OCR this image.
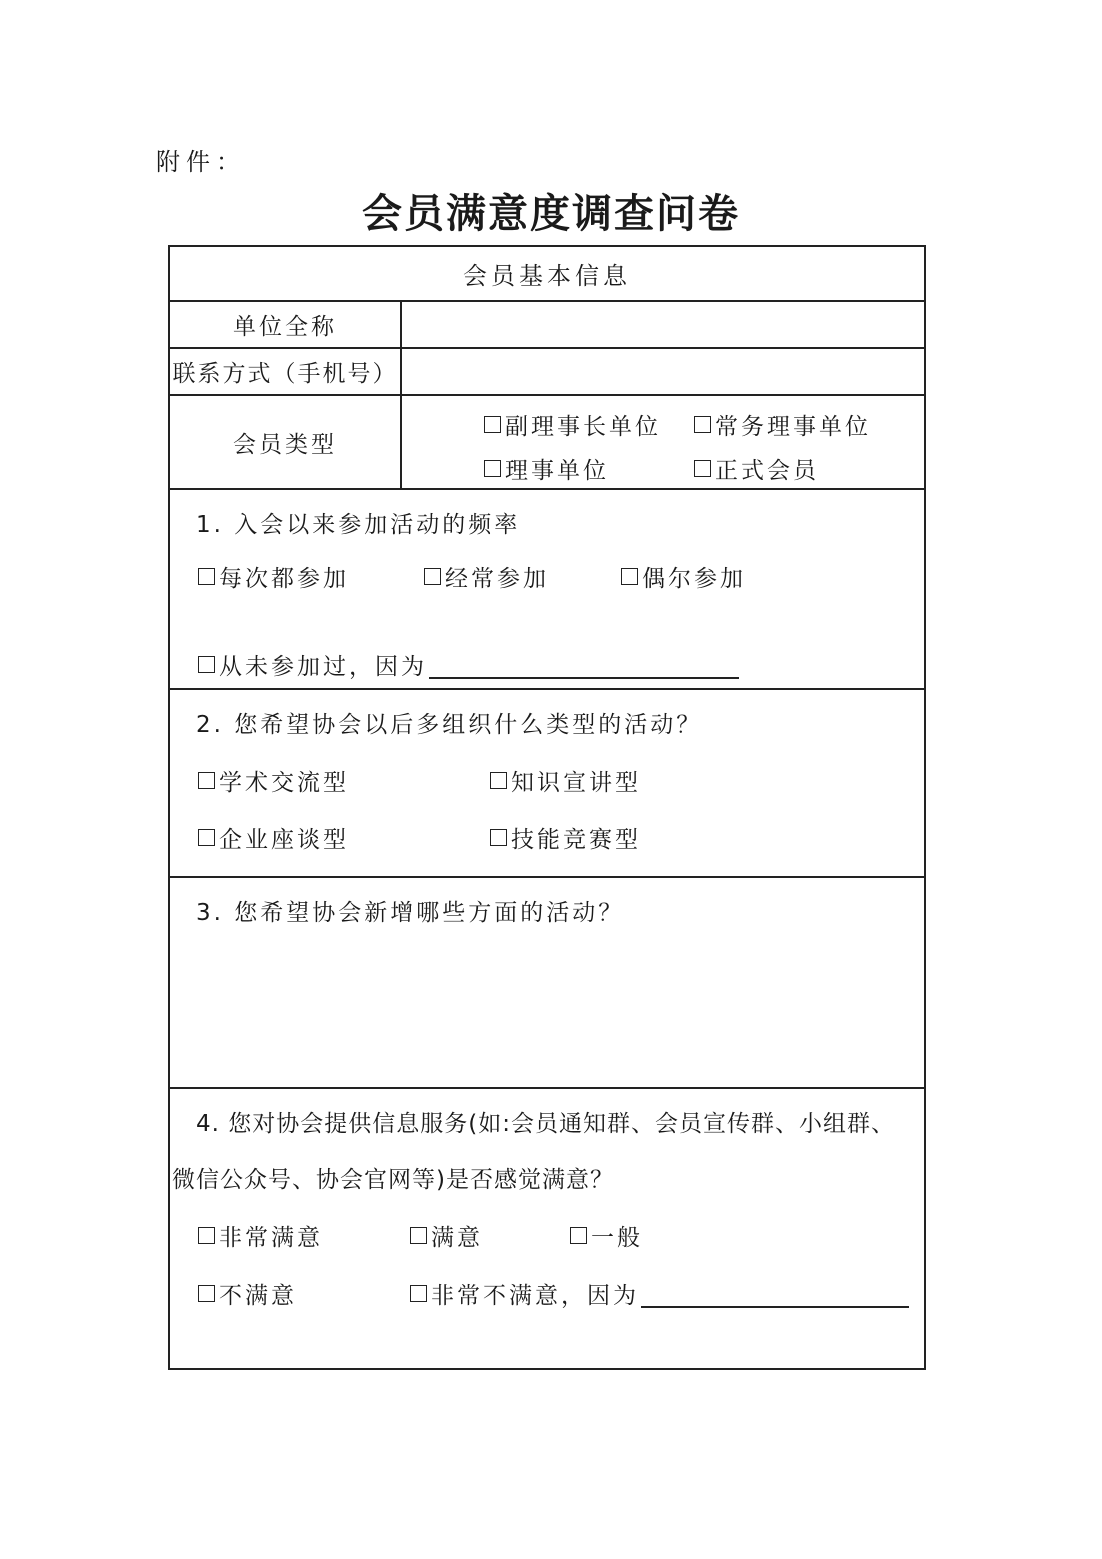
附件：
会员满意度调查问卷
会员基本信息
单位全称
联系方式（手机号）
会员类型
副理事长单位 常务理事单位
理事单位	正式会员
1. 入会以来参加活动的频率
每次都参加	经常参加	偶尔参加
从未参加过，因为
2. 您希望协会以后多组织什么类型的活动？
学术交流型	知识宣讲型
企业座谈型	技能竞赛型
3. 您希望协会新增哪些方面的活动？
4. 您对协会提供信息服务(如:会员通知群、会员宣传群、小组群、
微信公众号、协会官网等)是否感觉满意？
非常满意	满意	一般
不满意	非常不满意，因为
